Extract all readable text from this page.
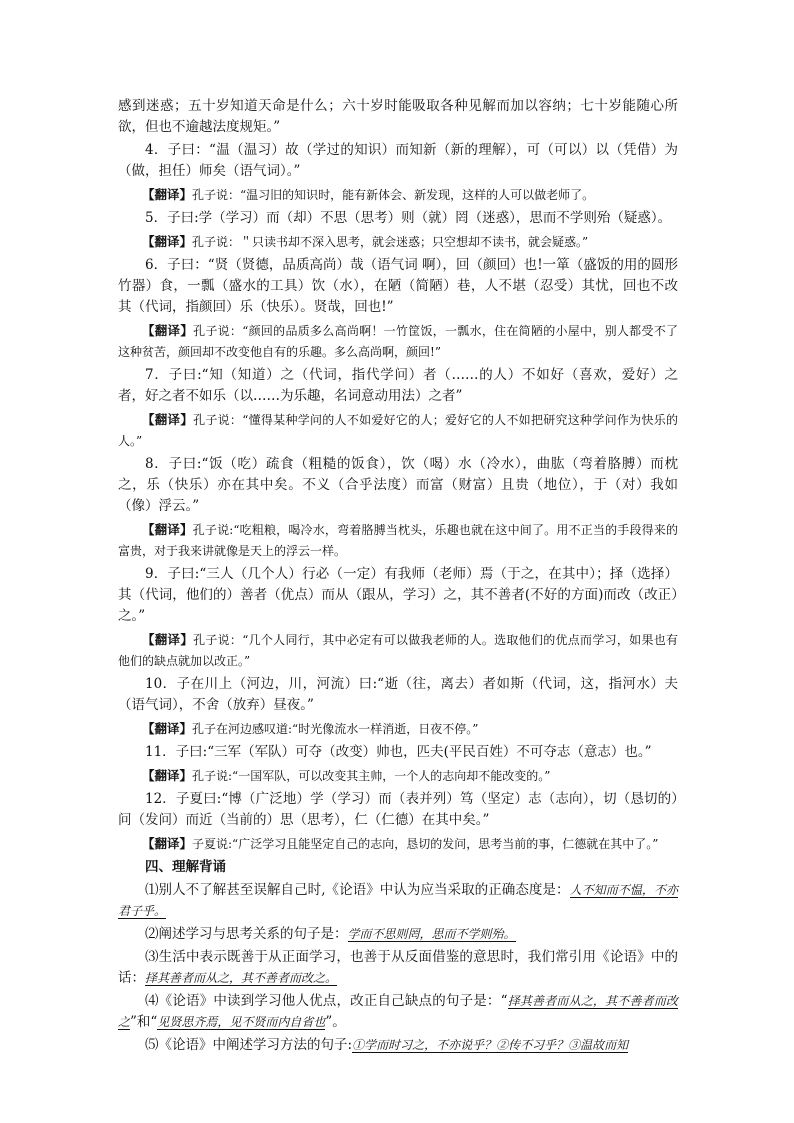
感到迷惑；五十岁知道天命是什么；六十岁时能吸取各种见解而加以容纳；七十岁能随心所欲，但也不逾越法度规矩。”

4．子曰：“温（温习）故（学过的知识）而知新（新的理解），可（可以）以（凭借）为（做，担任）师矣（语气词）。”

【翻译】孔子说：“温习旧的知识时，能有新体会、新发现，这样的人可以做老师了。

5．子曰:学（学习）而（却）不思（思考）则（就）罔（迷惑），思而不学则殆（疑惑）。

【翻译】孔子说：＂只读书却不深入思考，就会迷惑；只空想却不读书，就会疑惑。”

6．子曰：“贤（贤德，品质高尚）哉（语气词 啊），回（颜回）也!一箪（盛饭的用的圆形竹器）食，一瓢（盛水的工具）饮（水），在陋（简陋）巷，人不堪（忍受）其忧，回也不改其（代词，指颜回）乐（快乐）。贤哉，回也!”

【翻译】孔子说：“颜回的品质多么高尚啊！一竹筐饭，一瓢水，住在简陋的小屋中，别人都受不了这种贫苦，颜回却不改变他自有的乐趣。多么高尚啊，颜回!”

7．子曰:“知（知道）之（代词，指代学问）者（……的人）不如好（喜欢，爱好）之者，好之者不如乐（以……为乐趣，名词意动用法）之者”

【翻译】孔子说：“懂得某种学问的人不如爱好它的人；爱好它的人不如把研究这种学问作为快乐的人。”

8．子曰:“饭（吃）疏食（粗糙的饭食），饮（喝）水（冷水），曲肱（弯着胳膊）而枕之，乐（快乐）亦在其中矣。不义（合乎法度）而富（财富）且贵（地位），于（对）我如（像）浮云。”

【翻译】孔子说:“吃粗粮，喝冷水，弯着胳膊当枕头，乐趣也就在这中间了。用不正当的手段得来的富贵，对于我来讲就像是天上的浮云一样。

9．子曰:“三人（几个人）行必（一定）有我师（老师）焉（于之，在其中）；择（选择）其（代词，他们的）善者（优点）而从（跟从，学习）之，其不善者(不好的方面)而改（改正）之。”

【翻译】孔子说：“几个人同行，其中必定有可以做我老师的人。选取他们的优点而学习，如果也有他们的缺点就加以改正。”

10．子在川上（河边，川，河流）曰:“逝（往，离去）者如斯（代词，这，指河水）夫（语气词），不舍（放弃）昼夜。”

【翻译】孔子在河边感叹道:“时光像流水一样消逝，日夜不停。”

11．子曰:“三军（军队）可夺（改变）帅也，匹夫(平民百姓）不可夺志（意志）也。”

【翻译】孔子说:“一国军队，可以改变其主帅，一个人的志向却不能改变的。”

12．子夏曰:“博（广泛地）学（学习）而（表并列）笃（坚定）志（志向），切（恳切的）问（发问）而近（当前的）思（思考），仁（仁德）在其中矣。”

【翻译】子夏说:“广泛学习且能坚定自己的志向，恳切的发问，思考当前的事，仁德就在其中了。”

四、理解背诵

⑴别人不了解甚至误解自己时,《论语》中认为应当采取的正确态度是：人不知而不愠，不亦君子乎。

⑵阐述学习与思考关系的句子是：学而不思则罔，思而不学则殆。

⑶生活中表示既善于从正面学习，也善于从反面借鉴的意思时，我们常引用《论语》中的话：择其善者而从之，其不善者而改之。

⑷《论语》中读到学习他人优点，改正自己缺点的句子是：“择其善者而从之，其不善者而改之”和“见贤思齐焉，见不贤而内自省也”。

⑸《论语》中阐述学习方法的句子:①学而时习之，不亦说乎？②传不习乎？③温故而知
